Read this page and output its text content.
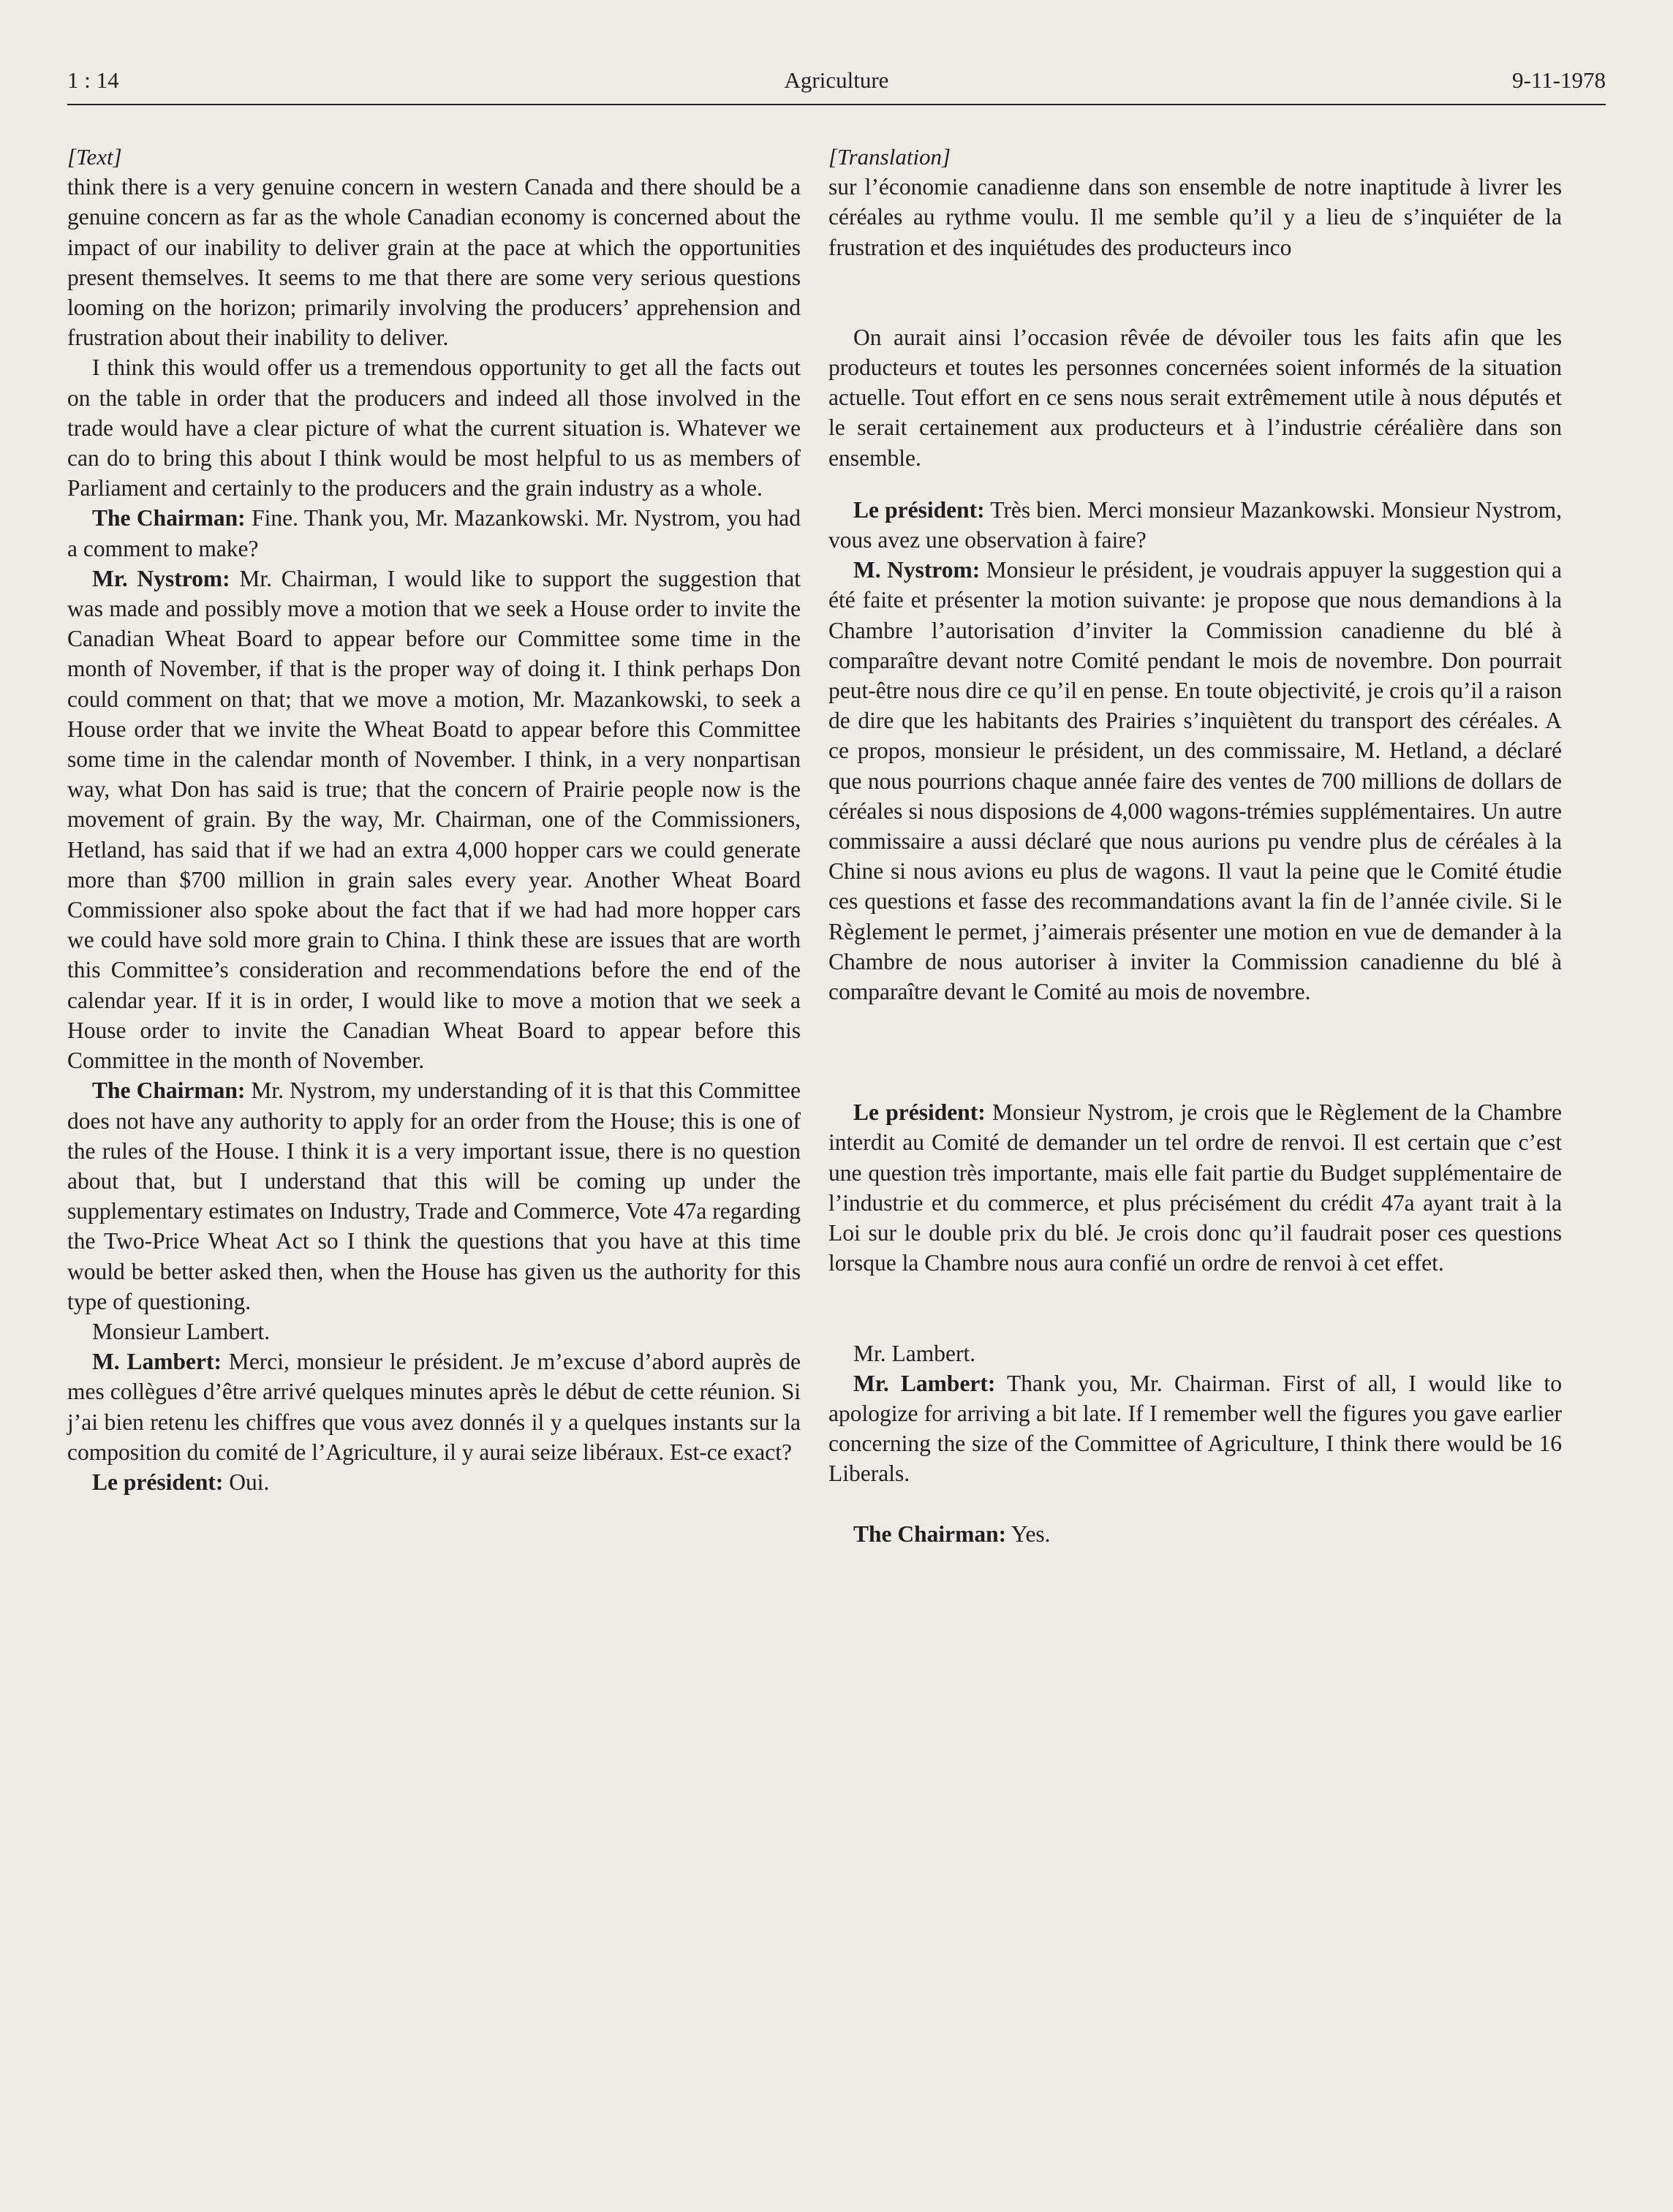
1 : 14	Agriculture	9-11-1978

[Text]

think there is a very genuine concern in western Canada and there should be a genuine concern as far as the whole Canadian economy is concerned about the impact of our inability to deliver grain at the pace at which the opportunities present themselves. It seems to me that there are some very serious questions looming on the horizon; primarily involving the producers’ apprehension and frustration about their inability to deliver.

I think this would offer us a tremendous opportunity to get all the facts out on the table in order that the producers and indeed all those involved in the trade would have a clear picture of what the current situation is. Whatever we can do to bring this about I think would be most helpful to us as members of Parliament and certainly to the producers and the grain industry as a whole.

The Chairman: Fine. Thank you, Mr. Mazankowski. Mr. Nystrom, you had a comment to make?

Mr. Nystrom: Mr. Chairman, I would like to support the suggestion that was made and possibly move a motion that we seek a House order to invite the Canadian Wheat Board to appear before our Committee some time in the month of November, if that is the proper way of doing it. I think perhaps Don could comment on that; that we move a motion, Mr. Mazankowski, to seek a House order that we invite the Wheat Boatd to appear before this Committee some time in the calendar month of November. I think, in a very nonpartisan way, what Don has said is true; that the concern of Prairie people now is the movement of grain. By the way, Mr. Chairman, one of the Commissioners, Hetland, has said that if we had an extra 4,000 hopper cars we could generate more than $700 million in grain sales every year. Another Wheat Board Commissioner also spoke about the fact that if we had had more hopper cars we could have sold more grain to China. I think these are issues that are worth this Committee’s consideration and recommendations before the end of the calendar year. If it is in order, I would like to move a motion that we seek a House order to invite the Canadian Wheat Board to appear before this Committee in the month of November.

The Chairman: Mr. Nystrom, my understanding of it is that this Committee does not have any authority to apply for an order from the House; this is one of the rules of the House. I think it is a very important issue, there is no question about that, but I understand that this will be coming up under the supplementary estimates on Industry, Trade and Commerce, Vote 47a regarding the Two-Price Wheat Act so I think the questions that you have at this time would be better asked then, when the House has given us the authority for this type of questioning.

Monsieur Lambert.

M. Lambert: Merci, monsieur le président. Je m’excuse d’abord auprès de mes collègues d’être arrivé quelques minutes après le début de cette réunion. Si j’ai bien retenu les chiffres que vous avez donnés il y a quelques instants sur la composition du comité de l’Agriculture, il y aurai seize libéraux. Est-ce exact?

Le président: Oui.

[Translation]

sur l’économie canadienne dans son ensemble de notre inaptitude à livrer les céréales au rythme voulu. Il me semble qu’il y a lieu de s’inquiéter de la frustration et des inquiétudes des producteurs inco

On aurait ainsi l’occasion rêvée de dévoiler tous les faits afin que les producteurs et toutes les personnes concernées soient informés de la situation actuelle. Tout effort en ce sens nous serait extrêmement utile à nous députés et le serait certainement aux producteurs et à l’industrie céréalière dans son ensemble.

Le président: Très bien. Merci monsieur Mazankowski. Monsieur Nystrom, vous avez une observation à faire?

M. Nystrom: Monsieur le président, je voudrais appuyer la suggestion qui a été faite et présenter la motion suivante: je propose que nous demandions à la Chambre l’autorisation d’inviter la Commission canadienne du blé à comparaître devant notre Comité pendant le mois de novembre. Don pourrait peut-être nous dire ce qu’il en pense. En toute objectivité, je crois qu’il a raison de dire que les habitants des Prairies s’inquiètent du transport des céréales. A ce propos, monsieur le président, un des commissaire, M. Hetland, a déclaré que nous pourrions chaque année faire des ventes de 700 millions de dollars de céréales si nous disposions de 4,000 wagons-trémies supplémentaires. Un autre commissaire a aussi déclaré que nous aurions pu vendre plus de céréales à la Chine si nous avions eu plus de wagons. Il vaut la peine que le Comité étudie ces questions et fasse des recommandations avant la fin de l’année civile. Si le Règlement le permet, j’aimerais présenter une motion en vue de demander à la Chambre de nous autoriser à inviter la Commission canadienne du blé à comparaître devant le Comité au mois de novembre.

Le président: Monsieur Nystrom, je crois que le Règlement de la Chambre interdit au Comité de demander un tel ordre de renvoi. Il est certain que c’est une question très importante, mais elle fait partie du Budget supplémentaire de l’industrie et du commerce, et plus précisément du crédit 47a ayant trait à la Loi sur le double prix du blé. Je crois donc qu’il faudrait poser ces questions lorsque la Chambre nous aura confié un ordre de renvoi à cet effet.

Mr. Lambert.

Mr. Lambert: Thank you, Mr. Chairman. First of all, I would like to apologize for arriving a bit late. If I remember well the figures you gave earlier concerning the size of the Committee of Agriculture, I think there would be 16 Liberals.

The Chairman: Yes.
